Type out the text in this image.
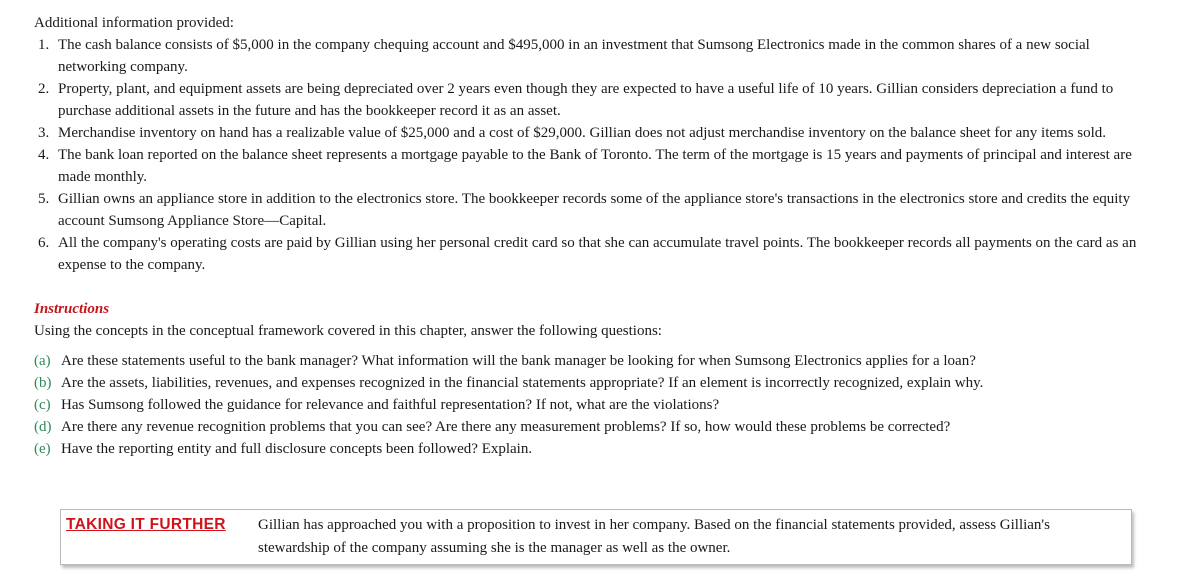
Additional information provided:

1. The cash balance consists of $5,000 in the company chequing account and $495,000 in an investment that Sumsong Electronics made in the common shares of a new social networking company.
2. Property, plant, and equipment assets are being depreciated over 2 years even though they are expected to have a useful life of 10 years. Gillian considers depreciation a fund to purchase additional assets in the future and has the bookkeeper record it as an asset.
3. Merchandise inventory on hand has a realizable value of $25,000 and a cost of $29,000. Gillian does not adjust merchandise inventory on the balance sheet for any items sold.
4. The bank loan reported on the balance sheet represents a mortgage payable to the Bank of Toronto. The term of the mortgage is 15 years and payments of principal and interest are made monthly.
5. Gillian owns an appliance store in addition to the electronics store. The bookkeeper records some of the appliance store's transactions in the electronics store and credits the equity account Sumsong Appliance Store—Capital.
6. All the company's operating costs are paid by Gillian using her personal credit card so that she can accumulate travel points. The bookkeeper records all payments on the card as an expense to the company.
Instructions
Using the concepts in the conceptual framework covered in this chapter, answer the following questions:
(a) Are these statements useful to the bank manager? What information will the bank manager be looking for when Sumsong Electronics applies for a loan?
(b) Are the assets, liabilities, revenues, and expenses recognized in the financial statements appropriate? If an element is incorrectly recognized, explain why.
(c) Has Sumsong followed the guidance for relevance and faithful representation? If not, what are the violations?
(d) Are there any revenue recognition problems that you can see? Are there any measurement problems? If so, how would these problems be corrected?
(e) Have the reporting entity and full disclosure concepts been followed? Explain.
TAKING IT FURTHER Gillian has approached you with a proposition to invest in her company. Based on the financial statements provided, assess Gillian's stewardship of the company assuming she is the manager as well as the owner.
